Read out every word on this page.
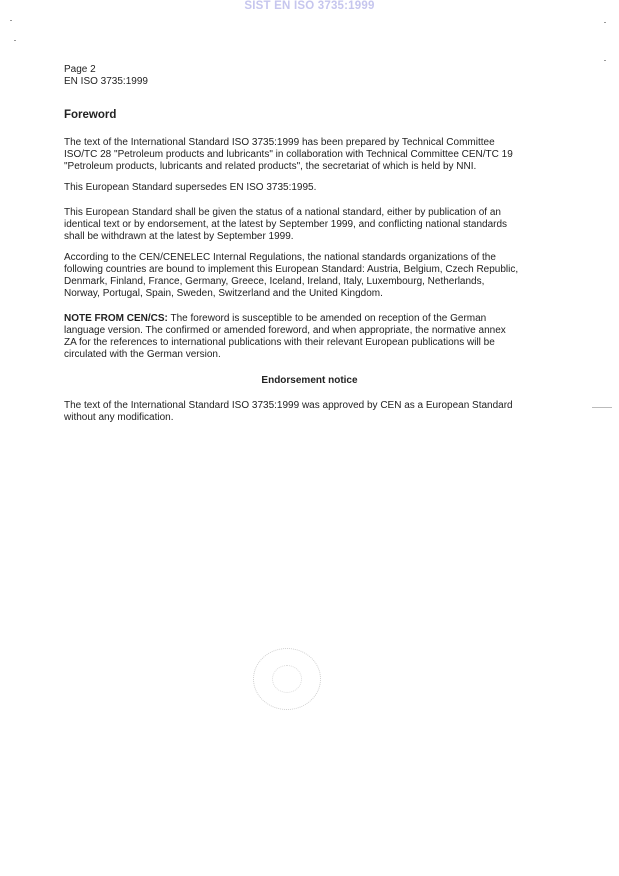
SIST EN ISO 3735:1999
Page 2
EN ISO 3735:1999
Foreword
The text of the International Standard ISO 3735:1999 has been prepared by Technical Committee
ISO/TC 28 "Petroleum products and lubricants" in collaboration with Technical Committee CEN/TC 19
"Petroleum products, lubricants and related products", the secretariat of which is held by NNI.
This European Standard supersedes EN ISO 3735:1995.
This European Standard shall be given the status of a national standard, either by publication of an
identical text or by endorsement, at the latest by September 1999, and conflicting national standards
shall be withdrawn at the latest by September 1999.
According to the CEN/CENELEC Internal Regulations, the national standards organizations of the
following countries are bound to implement this European Standard: Austria, Belgium, Czech Republic,
Denmark, Finland, France, Germany, Greece, Iceland, Ireland, Italy, Luxembourg, Netherlands,
Norway, Portugal, Spain, Sweden, Switzerland and the United Kingdom.
NOTE FROM CEN/CS: The foreword is susceptible to be amended on reception of the German
language version. The confirmed or amended foreword, and when appropriate, the normative annex
ZA for the references to international publications with their relevant European publications will be
circulated with the German version.
Endorsement notice
The text of the International Standard ISO 3735:1999 was approved by CEN as a European Standard
without any modification.
